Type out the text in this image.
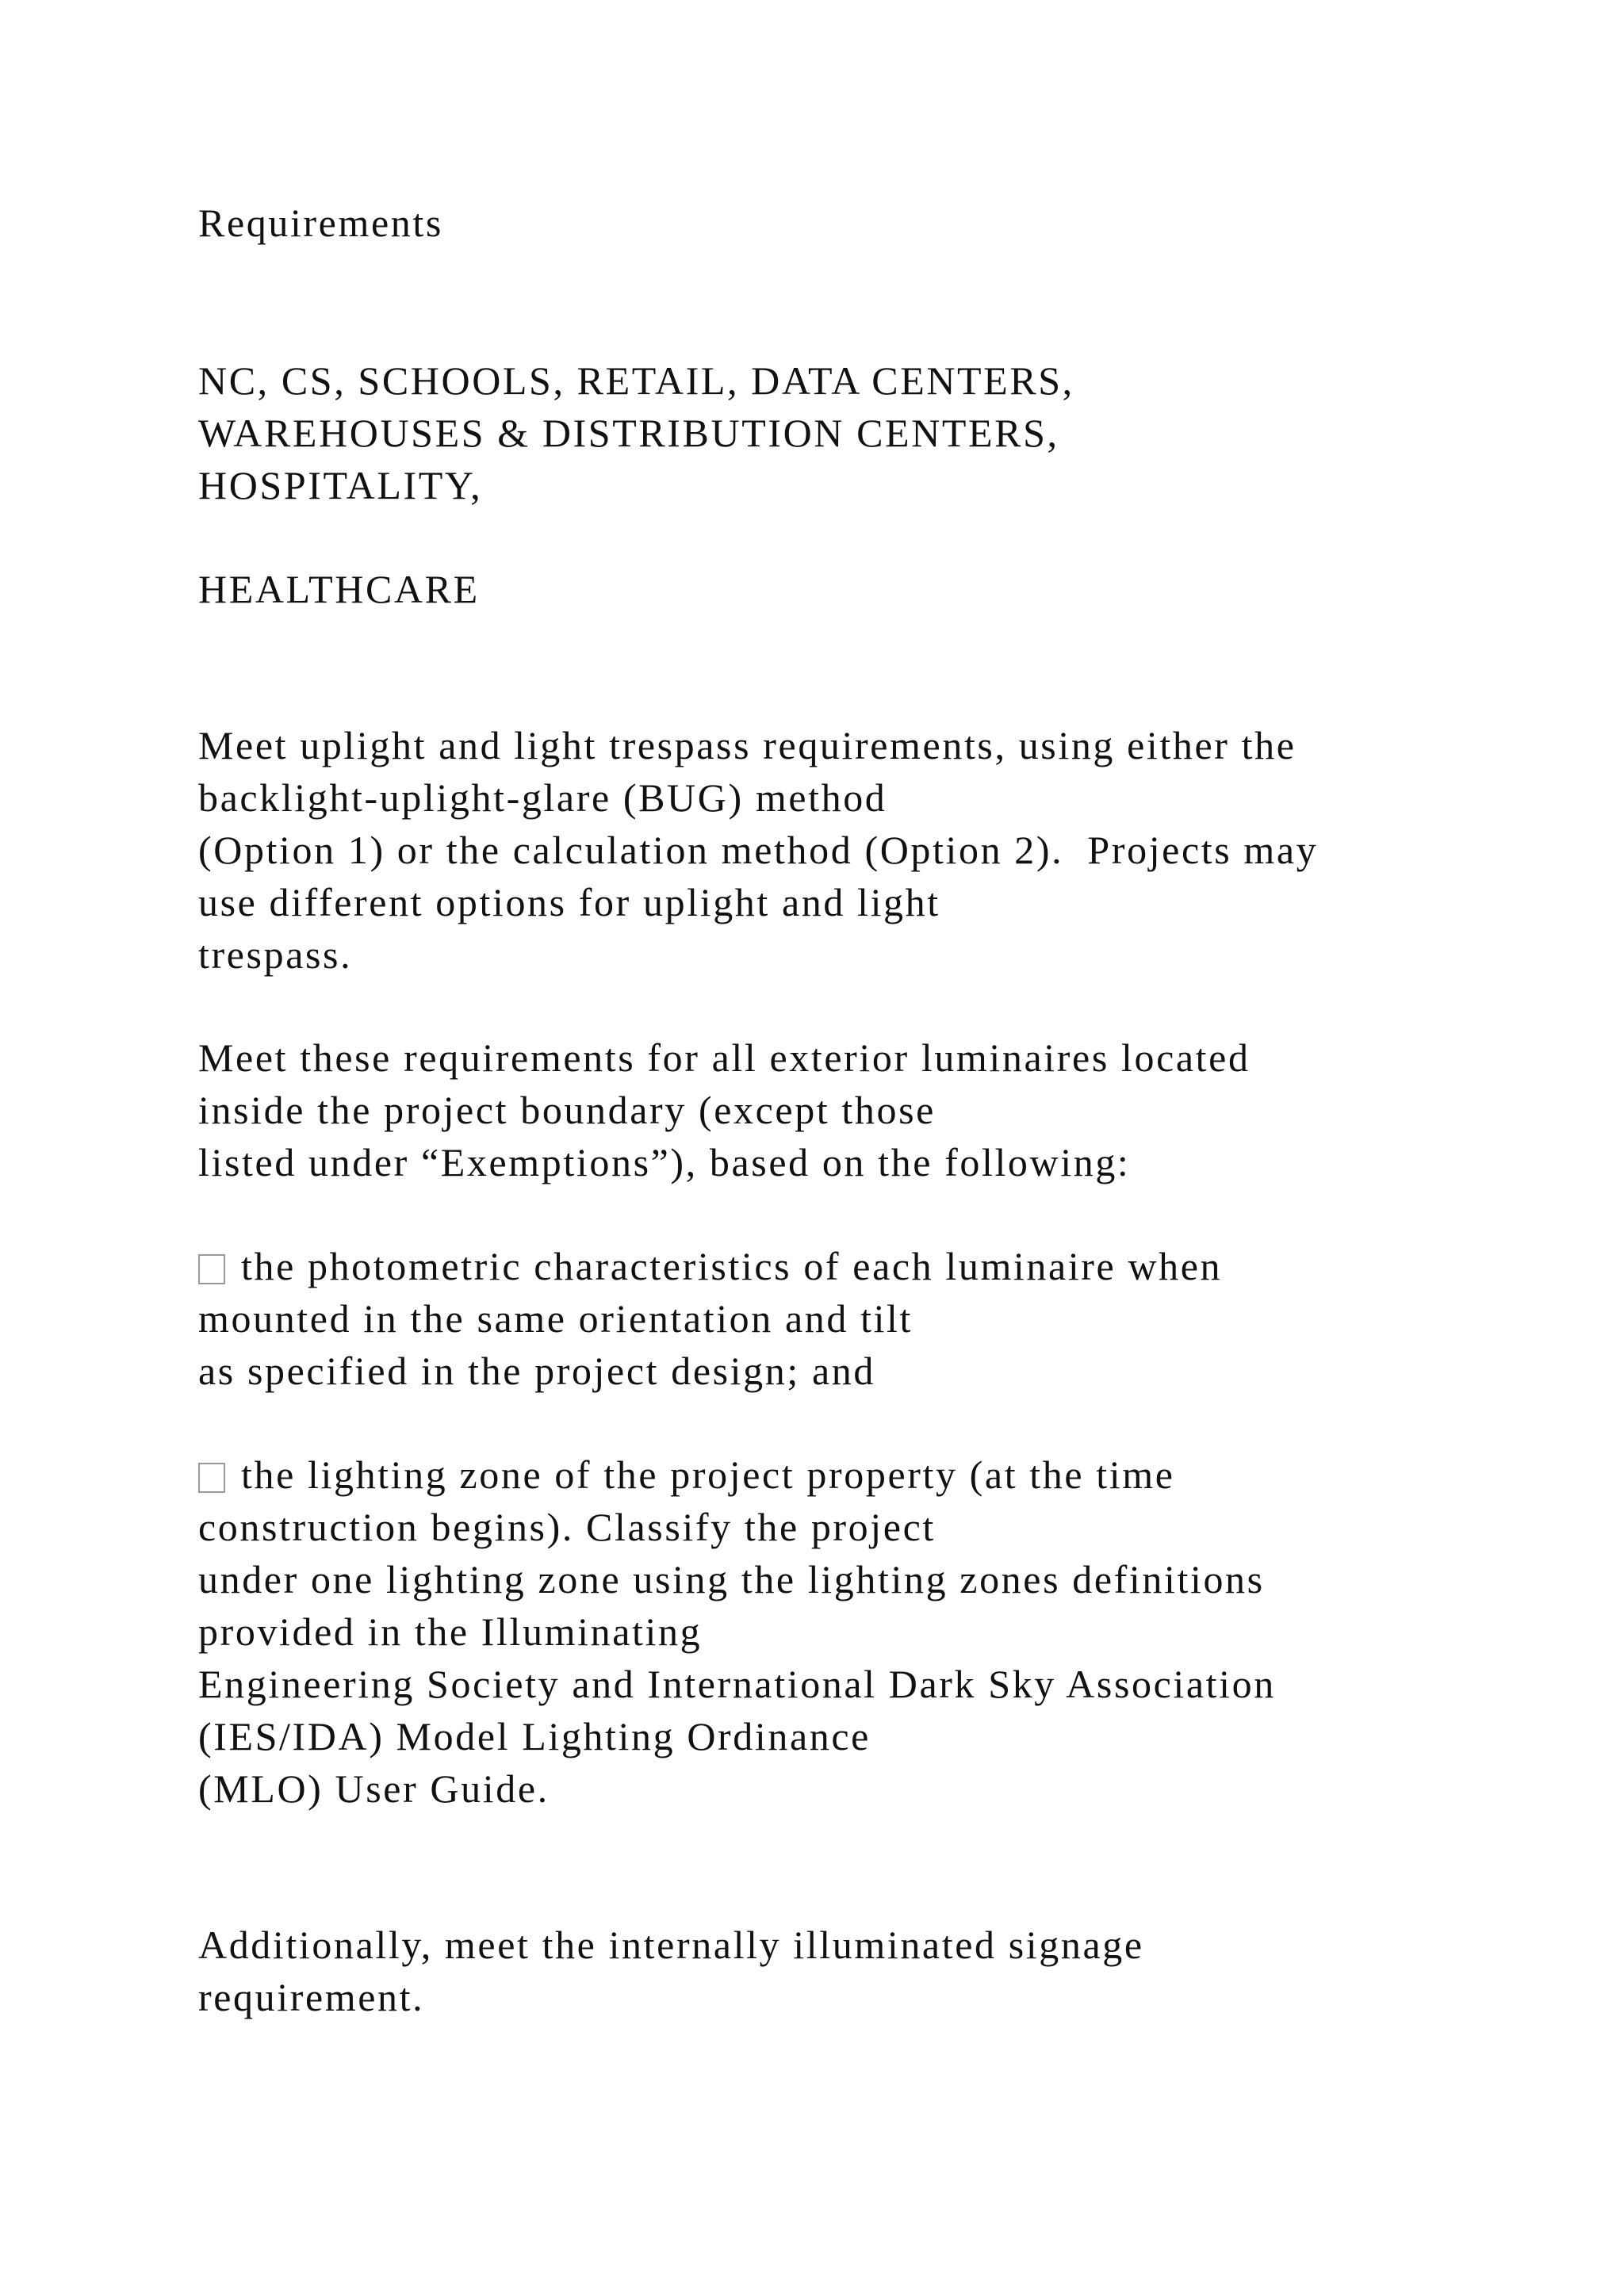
Requirements
NC, CS, SCHOOLS, RETAIL, DATA CENTERS,
WAREHOUSES & DISTRIBUTION CENTERS,
HOSPITALITY,
HEALTHCARE
Meet uplight and light trespass requirements, using either the
backlight-uplight-glare (BUG) method
(Option 1) or the calculation method (Option 2).  Projects may
use different options for uplight and light
trespass.
Meet these requirements for all exterior luminaires located
inside the project boundary (except those
listed under “Exemptions”), based on the following:
the photometric characteristics of each luminaire when
mounted in the same orientation and tilt
as specified in the project design; and
the lighting zone of the project property (at the time
construction begins). Classify the project
under one lighting zone using the lighting zones definitions
provided in the Illuminating
Engineering Society and International Dark Sky Association
(IES/IDA) Model Lighting Ordinance
(MLO) User Guide.
Additionally, meet the internally illuminated signage
requirement.
